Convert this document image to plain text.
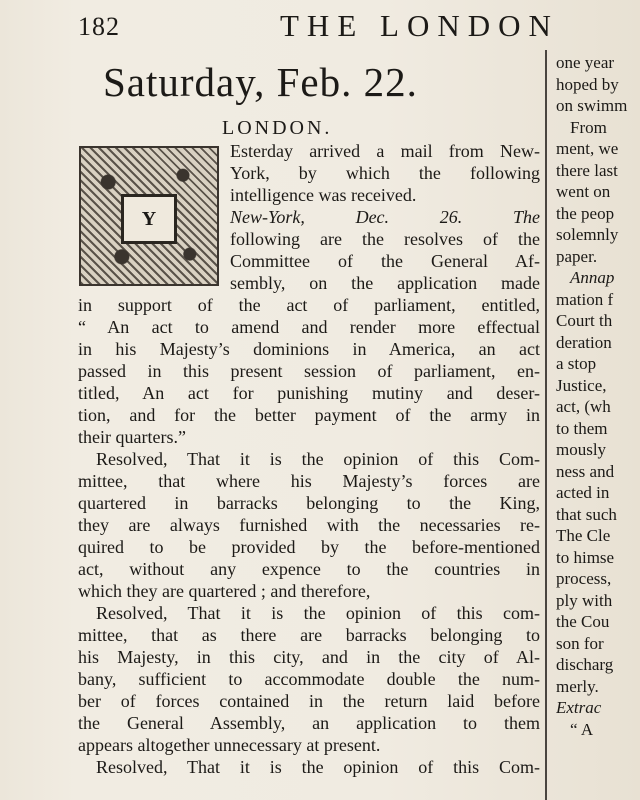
182	THE LONDON
Saturday, Feb. 22.
LONDON.
Y
Esterday arrived a mail from New-
York, by which the following
intelligence was received.
New-York, Dec. 26. The
following are the resolves of the
Committee of the General Af-
sembly, on the application made
in support of the act of parliament, entitled,
“ An act to amend and render more effectual
in his Majesty’s dominions in America, an act
passed in this present session of parliament, en-
titled, An act for punishing mutiny and deser-
tion, and for the better payment of the army in
their quarters.”
Resolved, That it is the opinion of this Com-
mittee, that where his Majesty’s forces are
quartered in barracks belonging to the King,
they are always furnished with the necessaries re-
quired to be provided by the before-mentioned
act, without any expence to the countries in
which they are quartered ; and therefore,
Resolved, That it is the opinion of this com-
mittee, that as there are barracks belonging to
his Majesty, in this city, and in the city of Al-
bany, sufficient to accommodate double the num-
ber of forces contained in the return laid before
the General Assembly, an application to them
appears altogether unnecessary at present.
Resolved, That it is the opinion of this Com-
one year
hoped by
on swimm
From
ment, we
there last
went on
the peop
solemnly
paper.
Annap
mation f
Court th
deration
a stop
Justice,
act, (wh
to them
mously
ness and
acted in
that such
The Cle
to himse
process,
ply with
the Cou
son for
discharg
merly.
Extrac
“ A
